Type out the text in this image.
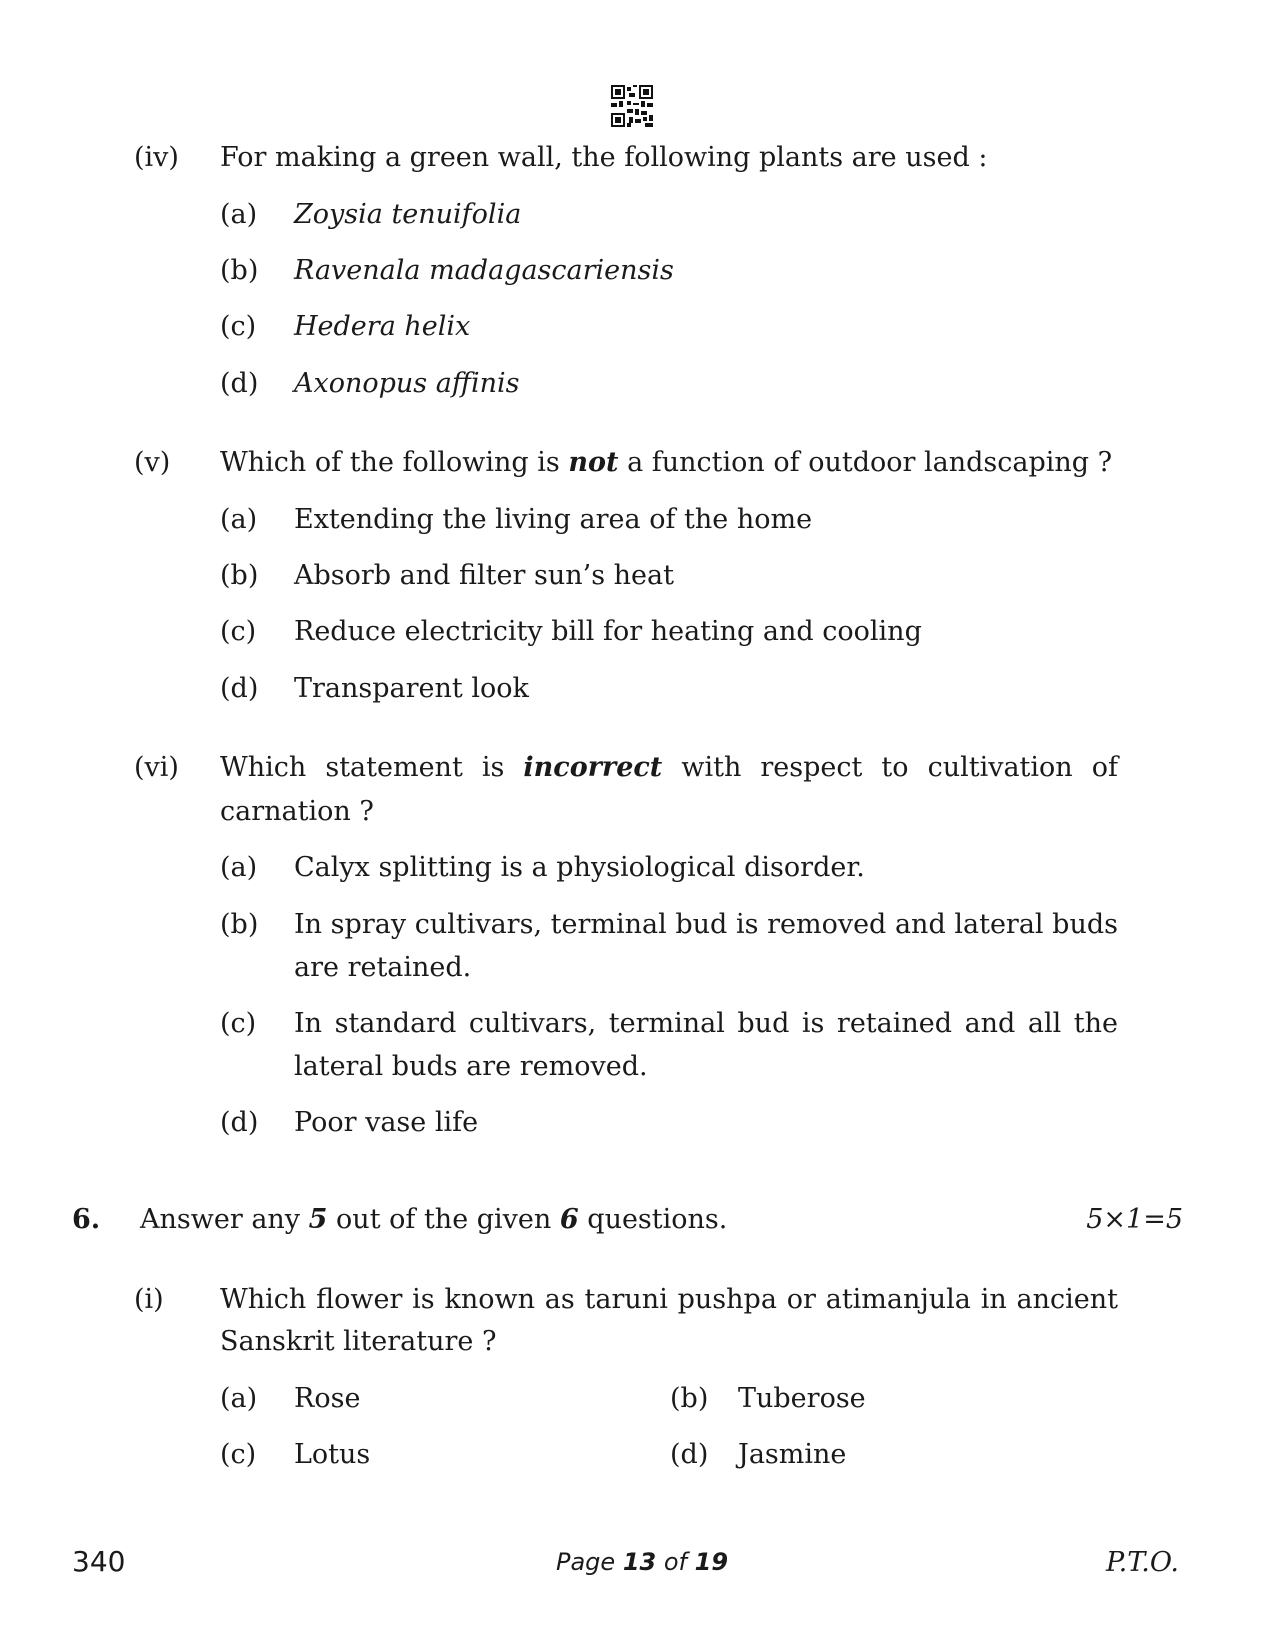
(iv) For making a green wall, the following plants are used :
(a) Zoysia tenuifolia
(b) Ravenala madagascariensis
(c) Hedera helix
(d) Axonopus affinis
(v) Which of the following is not a function of outdoor landscaping ?
(a) Extending the living area of the home
(b) Absorb and filter sun’s heat
(c) Reduce electricity bill for heating and cooling
(d) Transparent look
(vi) Which statement is incorrect with respect to cultivation of
carnation ?
(a) Calyx splitting is a physiological disorder.
(b) In spray cultivars, terminal bud is removed and lateral buds
are retained.
(c) In standard cultivars, terminal bud is retained and all the
lateral buds are removed.
(d) Poor vase life
6. Answer any 5 out of the given 6 questions.	5×1=5
(i) Which flower is known as taruni pushpa or atimanjula in ancient
Sanskrit literature ?
(a) Rose	(b) Tuberose
(c) Lotus	(d) Jasmine
340	Page 13 of 19	P.T.O.
